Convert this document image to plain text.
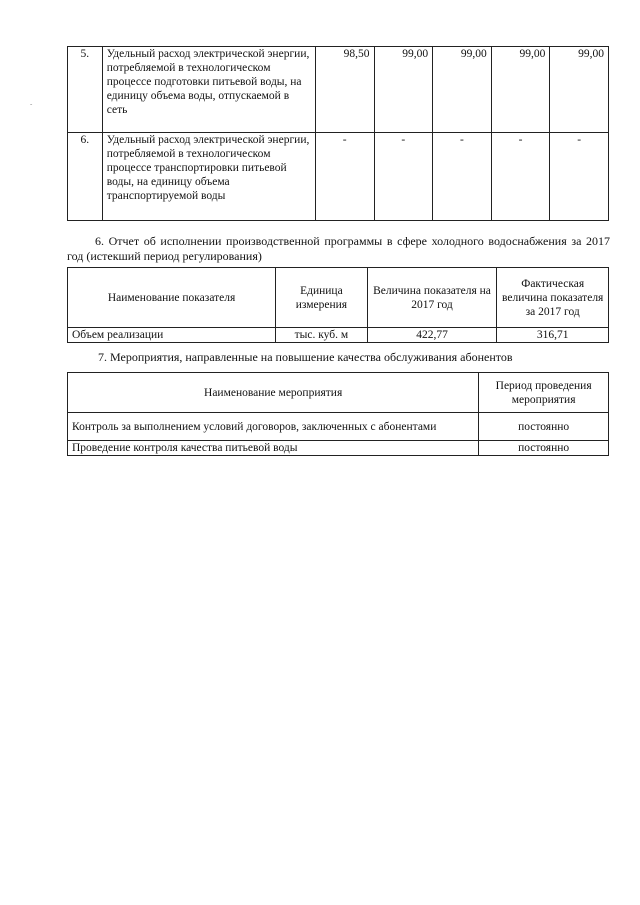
-
5.	Удельный расход электрической энергии, потребляемой в технологическом процессе подготовки питьевой воды, на единицу объема воды, отпускаемой в сеть	98,50	99,00	99,00	99,00	99,00
6.	Удельный расход электрической энергии, потребляемой в технологическом процессе транспортировки питьевой воды, на единицу объема транспортируемой воды	-	-	-	-	-
6. Отчет об исполнении производственной программы в сфере холодного водоснабжения за 2017 год (истекший период регулирования)
Наименование показателя	Единица измерения	Величина показателя на 2017 год	Фактическая величина показателя за 2017 год
Объем реализации	тыс. куб. м	422,77	316,71
7. Мероприятия, направленные на повышение качества обслуживания абонентов
Наименование мероприятия	Период проведения мероприятия
Контроль за выполнением условий договоров, заключенных с абонентами	постоянно
Проведение контроля качества питьевой воды	постоянно
